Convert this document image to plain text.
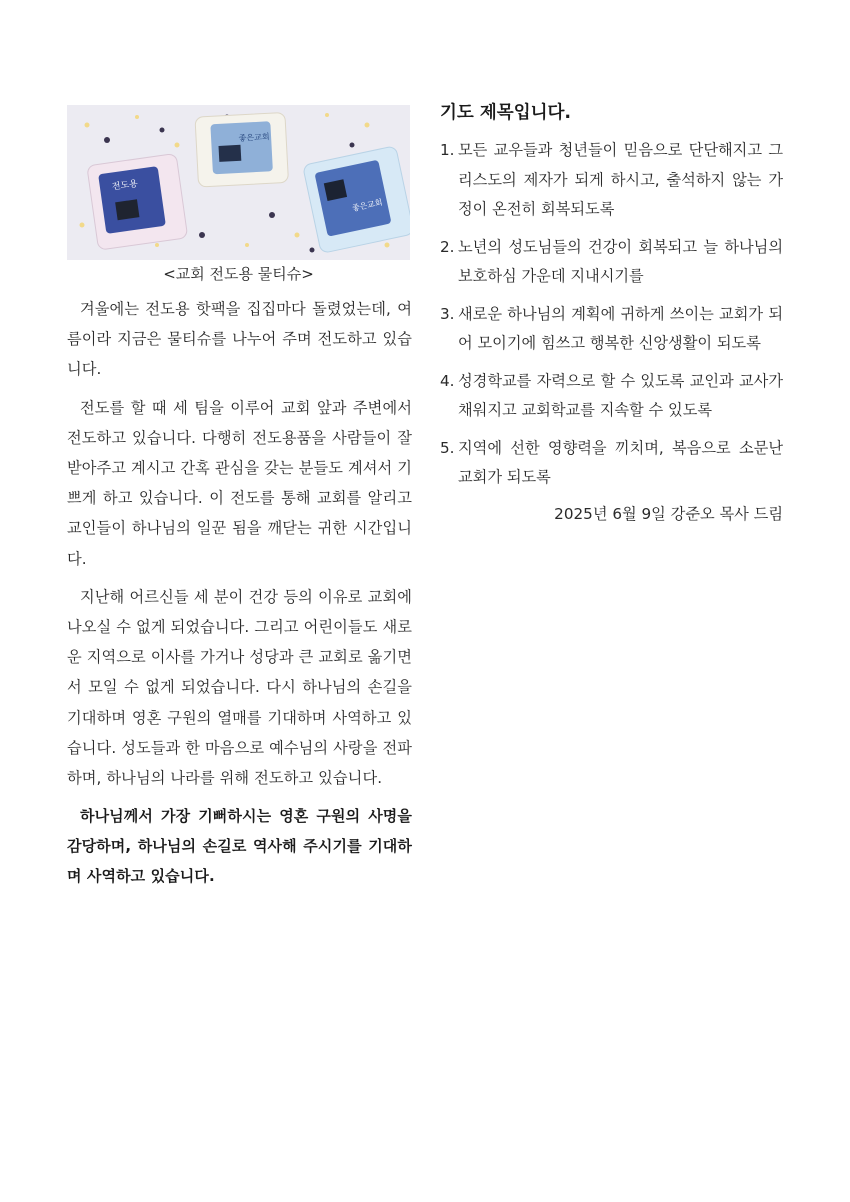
전도용
좋은교회
좋은교회
<교회 전도용 물티슈>

겨울에는 전도용 핫팩을 집집마다 돌렸었는데, 여름이라 지금은 물티슈를 나누어 주며 전도하고 있습니다.

전도를 할 때 세 팀을 이루어 교회 앞과 주변에서 전도하고 있습니다. 다행히 전도용품을 사람들이 잘 받아주고 계시고 간혹 관심을 갖는 분들도 계셔서 기쁘게 하고 있습니다. 이 전도를 통해 교회를 알리고 교인들이 하나님의 일꾼 됨을 깨닫는 귀한 시간입니다.

지난해 어르신들 세 분이 건강 등의 이유로 교회에 나오실 수 없게 되었습니다. 그리고 어린이들도 새로운 지역으로 이사를 가거나 성당과 큰 교회로 옮기면서 모일 수 없게 되었습니다. 다시 하나님의 손길을 기대하며 영혼 구원의 열매를 기대하며 사역하고 있습니다. 성도들과 한 마음으로 예수님의 사랑을 전파하며, 하나님의 나라를 위해 전도하고 있습니다.

하나님께서 가장 기뻐하시는 영혼 구원의 사명을 감당하며, 하나님의 손길로 역사해 주시기를 기대하며 사역하고 있습니다.

기도 제목입니다.
1. 모든 교우들과 청년들이 믿음으로 단단해지고 그리스도의 제자가 되게 하시고, 출석하지 않는 가정이 온전히 회복되도록
2. 노년의 성도님들의 건강이 회복되고 늘 하나님의 보호하심 가운데 지내시기를
3. 새로운 하나님의 계획에 귀하게 쓰이는 교회가 되어 모이기에 힘쓰고 행복한 신앙생활이 되도록
4. 성경학교를 자력으로 할 수 있도록 교인과 교사가 채워지고 교회학교를 지속할 수 있도록
5. 지역에 선한 영향력을 끼치며, 복음으로 소문난 교회가 되도록
2025년 6월 9일 강준오 목사 드림
